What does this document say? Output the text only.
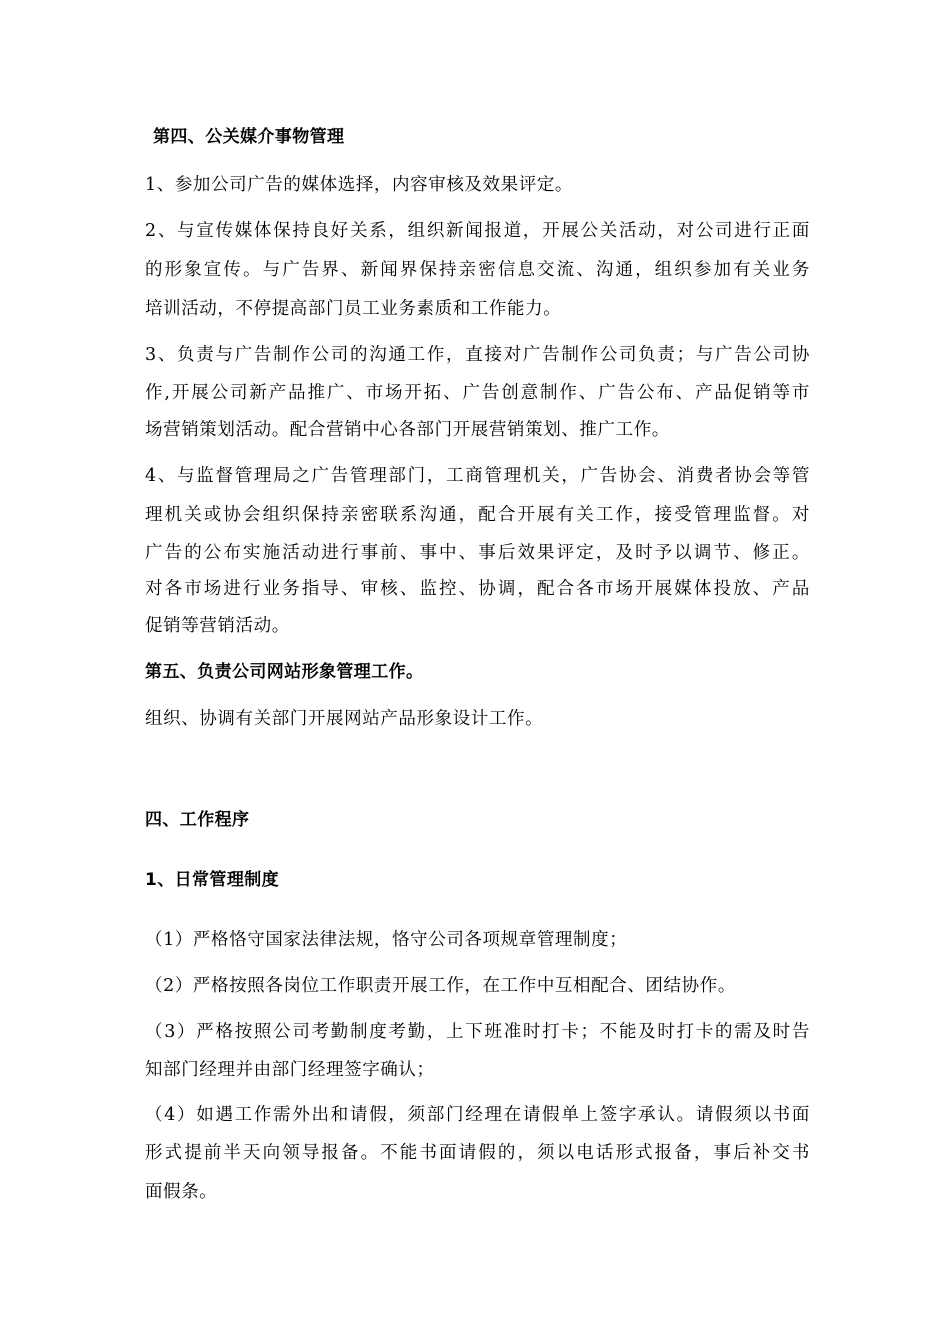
第四、公关媒介事物管理
1、参加公司广告的媒体选择，内容审核及效果评定。
2、与宣传媒体保持良好关系，组织新闻报道，开展公关活动，对公司进行正面
的形象宣传。与广告界、新闻界保持亲密信息交流、沟通，组织参加有关业务
培训活动，不停提高部门员工业务素质和工作能力。
3、负责与广告制作公司的沟通工作，直接对广告制作公司负责；与广告公司协
作,开展公司新产品推广、市场开拓、广告创意制作、广告公布、产品促销等市
场营销策划活动。配合营销中心各部门开展营销策划、推广工作。
4、与监督管理局之广告管理部门，工商管理机关，广告协会、消费者协会等管
理机关或协会组织保持亲密联系沟通，配合开展有关工作，接受管理监督。对
广告的公布实施活动进行事前、事中、事后效果评定，及时予以调节、修正。
对各市场进行业务指导、审核、监控、协调，配合各市场开展媒体投放、产品
促销等营销活动。
第五、负责公司网站形象管理工作。
组织、协调有关部门开展网站产品形象设计工作。
四、工作程序
1、日常管理制度
（1）严格恪守国家法律法规，恪守公司各项规章管理制度；
（2）严格按照各岗位工作职责开展工作，在工作中互相配合、团结协作。
（3）严格按照公司考勤制度考勤，上下班准时打卡；不能及时打卡的需及时告
知部门经理并由部门经理签字确认；
（4）如遇工作需外出和请假，须部门经理在请假单上签字承认。请假须以书面
形式提前半天向领导报备。不能书面请假的，须以电话形式报备，事后补交书
面假条。
